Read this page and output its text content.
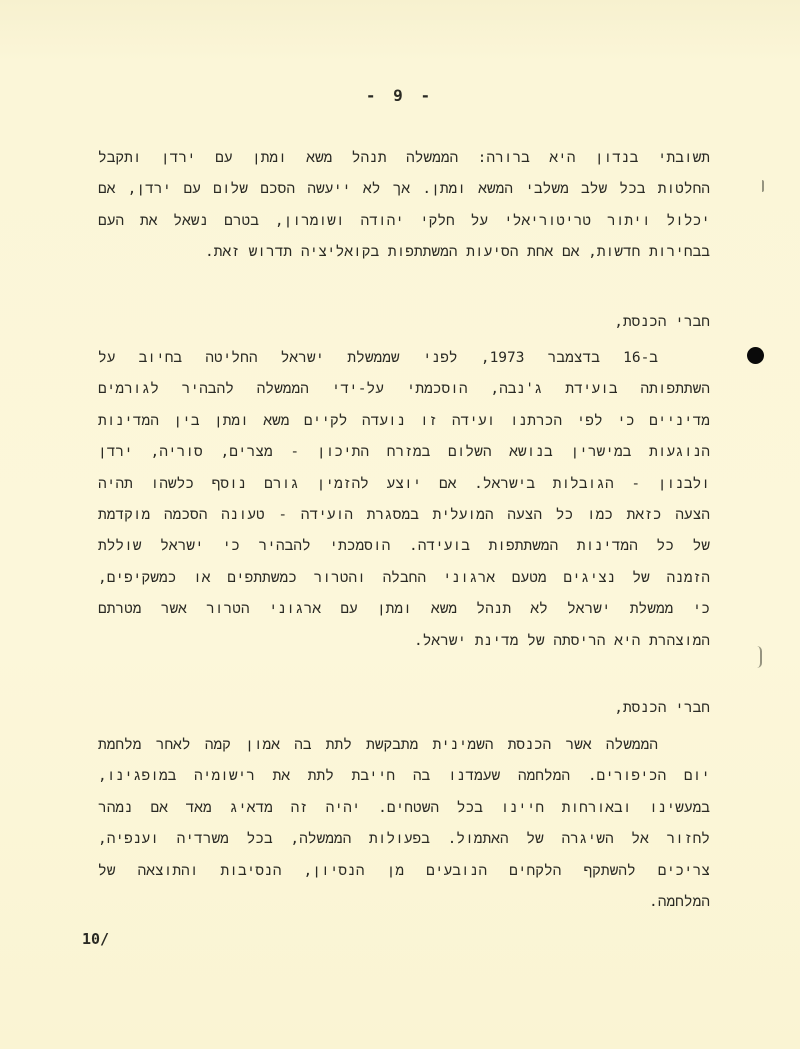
- 9 -
תשובתי בנדון היא ברורה: הממשלה תנהל משא ומתן עם ירדן ותקבל
החלטות בכל שלב משלבי המשא ומתן. אך לא ייעשה הסכם שלום עם ירדן, אם
יכלול ויתור טריטוריאלי על חלקי יהודה ושומרון, בטרם נשאל את העם
בבחירות חדשות, אם אחת הסיעות המשתתפות בקואליציה תדרוש זאת.
חברי הכנסת,
ב-16 בדצמבר 1973, לפני שממשלת ישראל החליטה בחיוב על
השתתפותה בועידת ג'נבה, הוסכמתי על-ידי הממשלה להבהיר לגורמים
מדיניים כי לפי הכרתנו ועידה זו נועדה לקיים משא ומתן בין המדינות
הנוגעות במישרין בנושא השלום במזרח התיכון - מצרים, סוריה, ירדן
ולבנון - הגובלות בישראל. אם יוצע להזמין גורם נוסף כלשהו תהיה
הצעה כזאת כמו כל הצעה המועלית במסגרת הועידה - טעונה הסכמה מוקדמת
של כל המדינות המשתתפות בועידה. הוסמכתי להבהיר כי ישראל שוללת
הזמנה של נציגים מטעם ארגוני החבלה והטרור כמשתתפים או כמשקיפים,
כי ממשלת ישראל לא תנהל משא ומתן עם ארגוני הטרור אשר מטרתם
המוצהרת היא הריסתה של מדינת ישראל.
חברי הכנסת,
הממשלה אשר הכנסת השמינית מתבקשת לתת בה אמון קמה לאחר מלחמת
יום הכיפורים. המלחמה שעמדנו בה חייבת לתת את רישומיה במופגינו,
במעשינו ובאורחות חיינו בכל השטחים. יהיה זה מדאיג מאד אם נמהר
לחזור אל השיגרה של האתמול. בפעולות הממשלה, בכל משרדיה וענפיה,
צריכים להשתקף הלקחים הנובעים מן הנסיון, הנסיבות והתוצאה של
המלחמה.
10/
